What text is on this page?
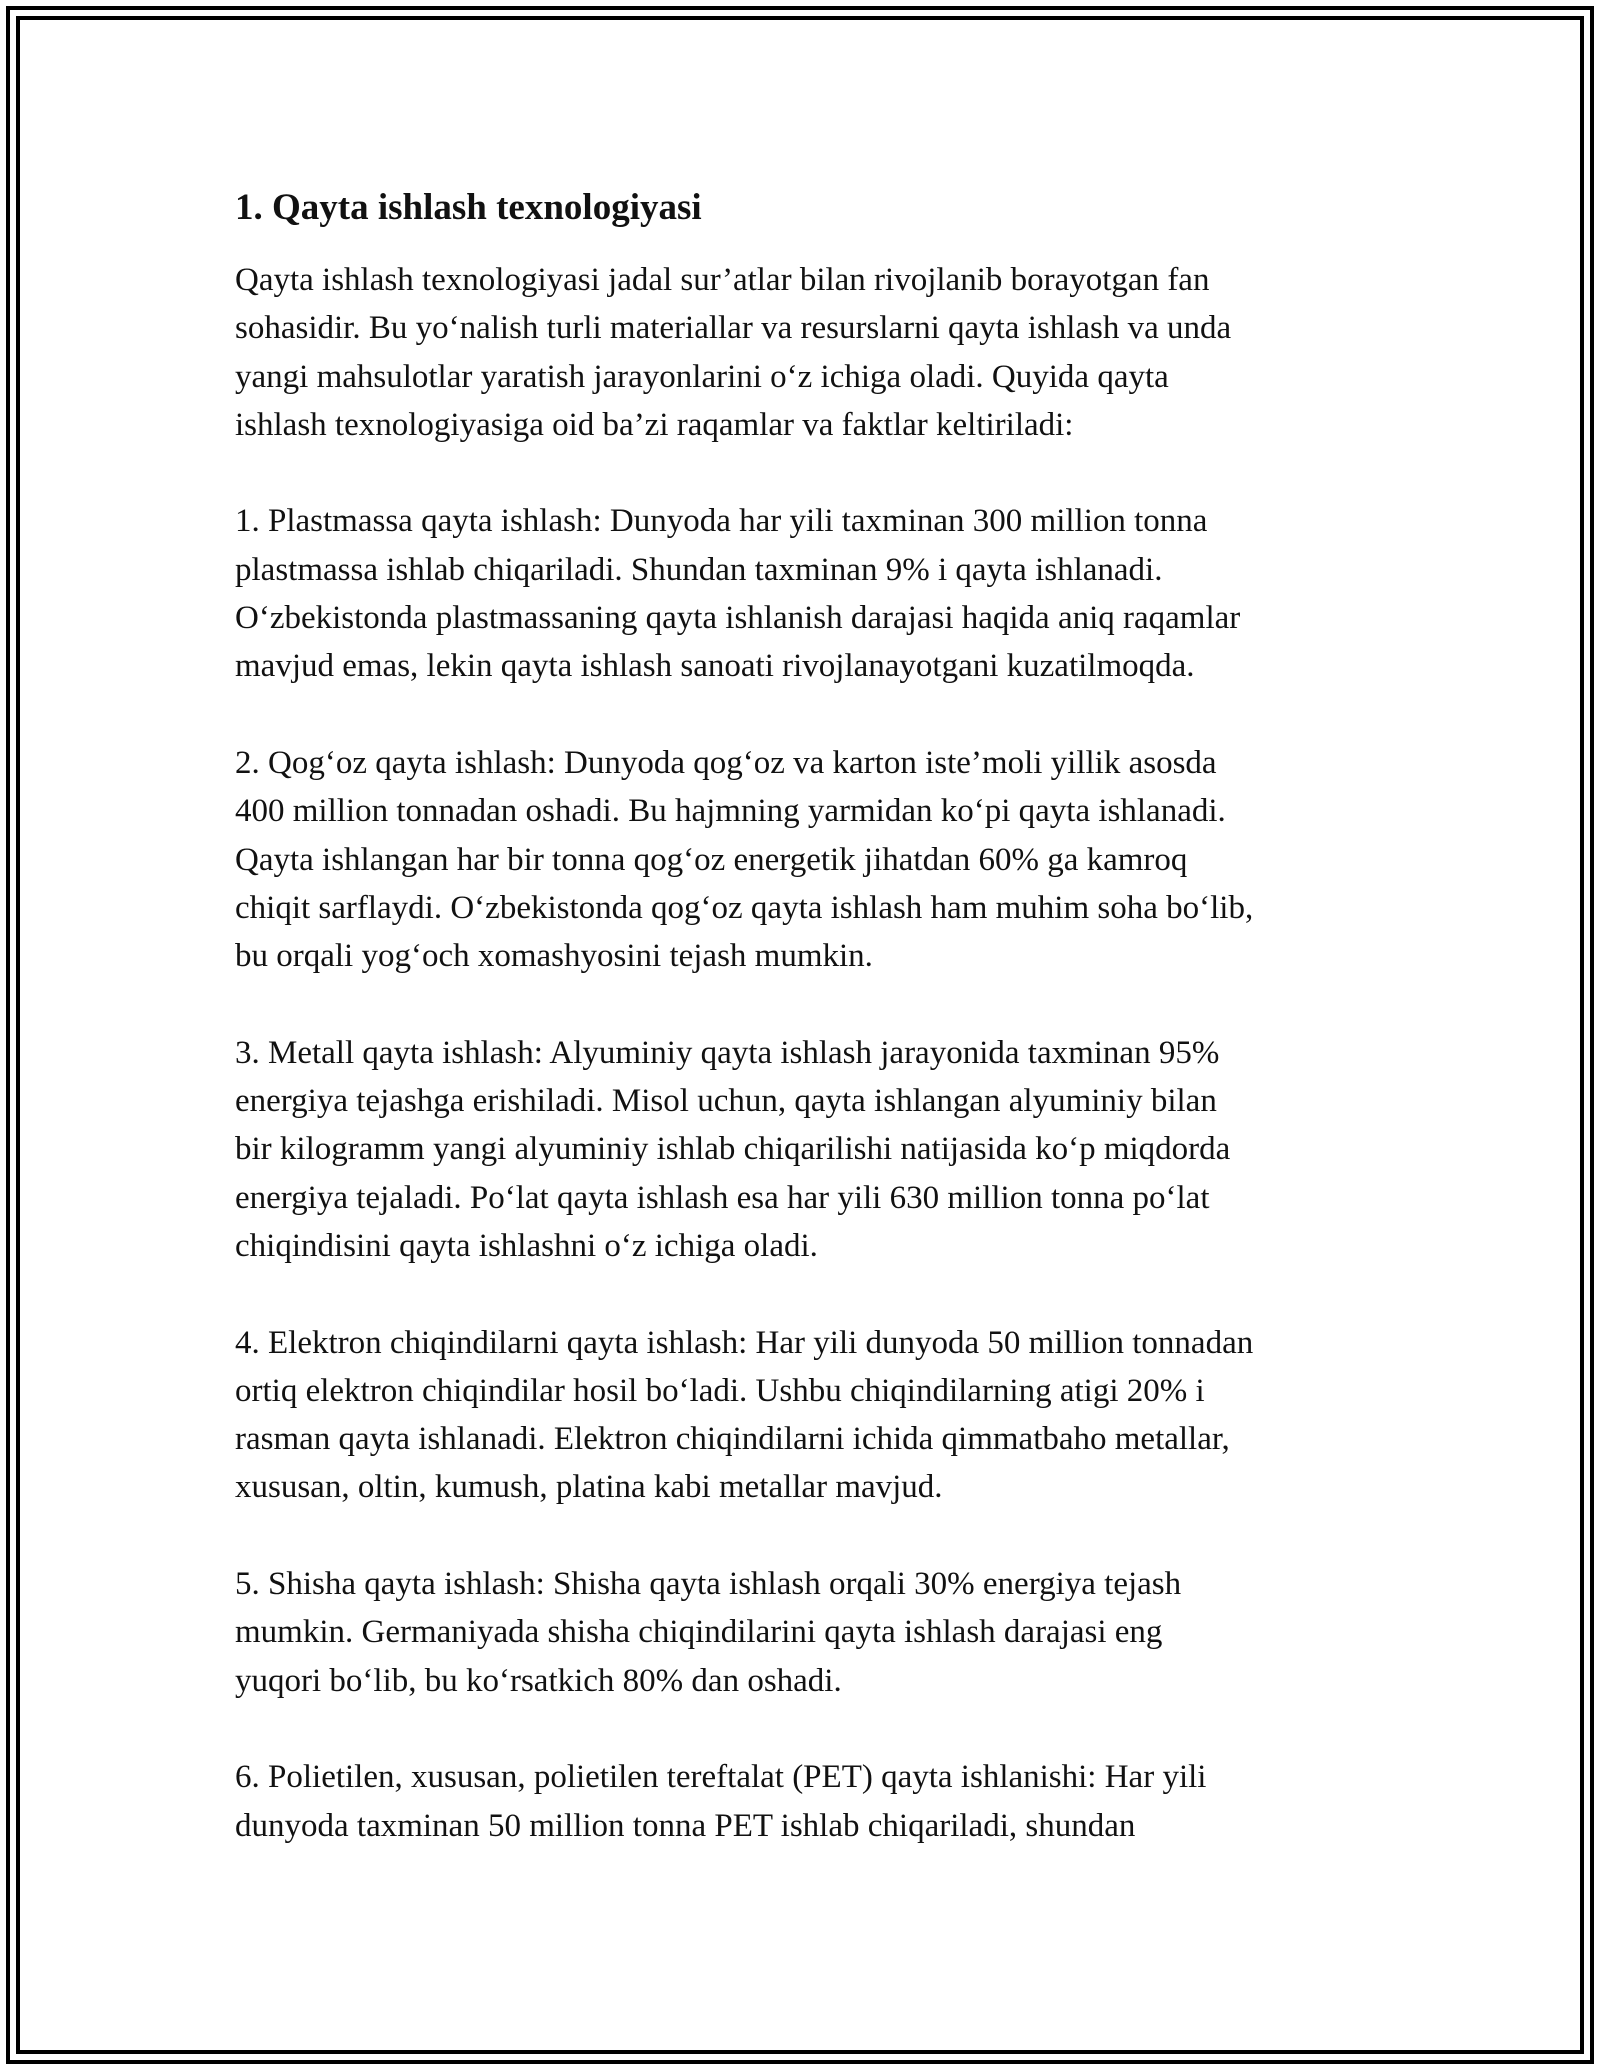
1. Qayta ishlash texnologiyasi

Qayta ishlash texnologiyasi jadal sur’atlar bilan rivojlanib borayotgan fan
sohasidir. Bu yo‘nalish turli materiallar va resurslarni qayta ishlash va unda
yangi mahsulotlar yaratish jarayonlarini o‘z ichiga oladi. Quyida qayta
ishlash texnologiyasiga oid ba’zi raqamlar va faktlar keltiriladi:

1. Plastmassa qayta ishlash: Dunyoda har yili taxminan 300 million tonna
plastmassa ishlab chiqariladi. Shundan taxminan 9% i qayta ishlanadi.
O‘zbekistonda plastmassaning qayta ishlanish darajasi haqida aniq raqamlar
mavjud emas, lekin qayta ishlash sanoati rivojlanayotgani kuzatilmoqda.

2. Qog‘oz qayta ishlash: Dunyoda qog‘oz va karton iste’moli yillik asosda
400 million tonnadan oshadi. Bu hajmning yarmidan ko‘pi qayta ishlanadi.
Qayta ishlangan har bir tonna qog‘oz energetik jihatdan 60% ga kamroq
chiqit sarflaydi. O‘zbekistonda qog‘oz qayta ishlash ham muhim soha bo‘lib,
bu orqali yog‘och xomashyosini tejash mumkin.

3. Metall qayta ishlash: Alyuminiy qayta ishlash jarayonida taxminan 95%
energiya tejashga erishiladi. Misol uchun, qayta ishlangan alyuminiy bilan
bir kilogramm yangi alyuminiy ishlab chiqarilishi natijasida ko‘p miqdorda
energiya tejaladi. Po‘lat qayta ishlash esa har yili 630 million tonna po‘lat
chiqindisini qayta ishlashni o‘z ichiga oladi.

4. Elektron chiqindilarni qayta ishlash: Har yili dunyoda 50 million tonnadan
ortiq elektron chiqindilar hosil bo‘ladi. Ushbu chiqindilarning atigi 20% i
rasman qayta ishlanadi. Elektron chiqindilarni ichida qimmatbaho metallar,
xususan, oltin, kumush, platina kabi metallar mavjud.

5. Shisha qayta ishlash: Shisha qayta ishlash orqali 30% energiya tejash
mumkin. Germaniyada shisha chiqindilarini qayta ishlash darajasi eng
yuqori bo‘lib, bu ko‘rsatkich 80% dan oshadi.

6. Polietilen, xususan, polietilen tereftalat (PET) qayta ishlanishi: Har yili
dunyoda taxminan 50 million tonna PET ishlab chiqariladi, shundan
